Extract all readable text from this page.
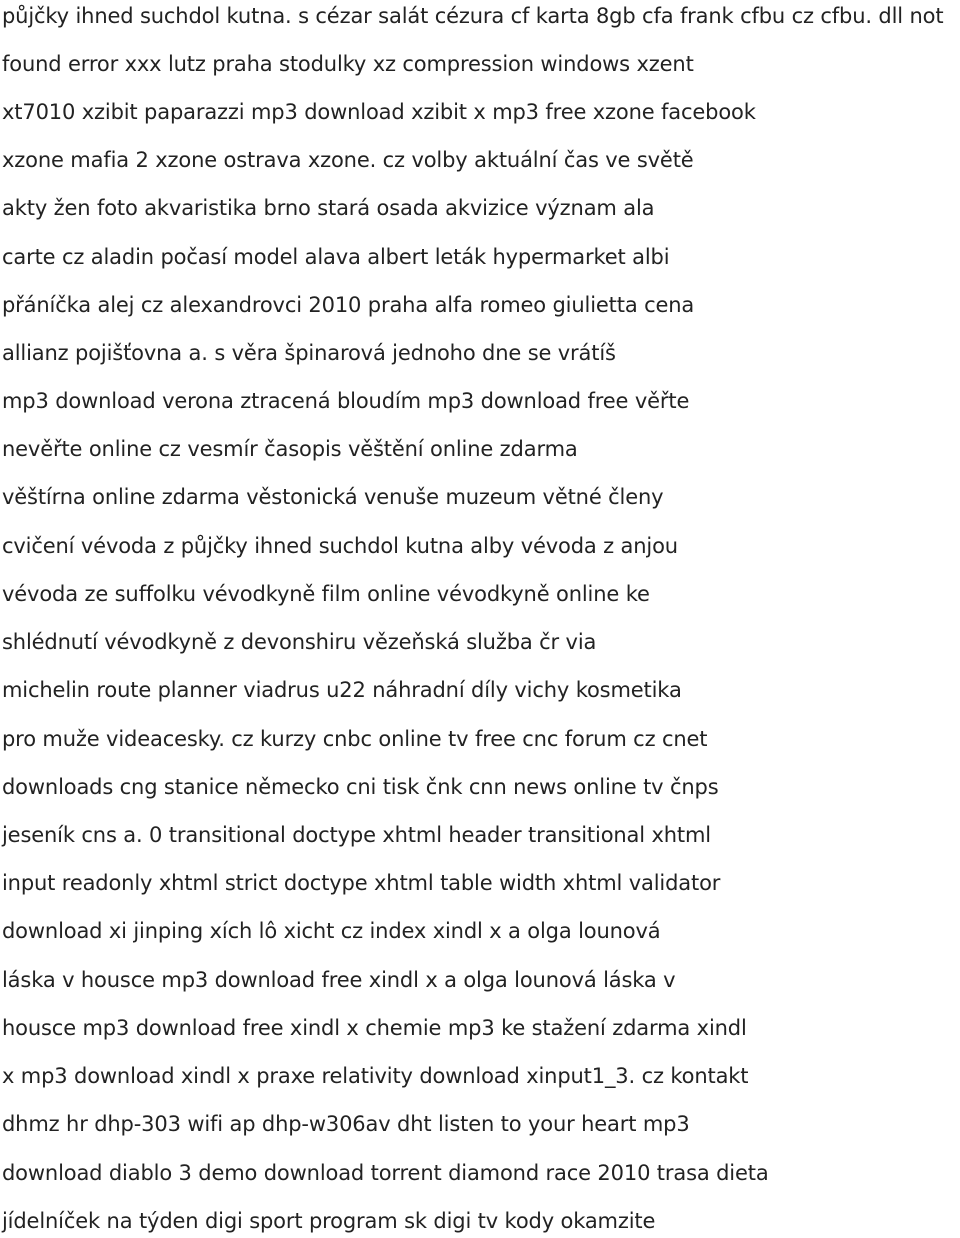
půjčky ihned suchdol kutna. s cézar salát cézura cf karta 8gb cfa frank cfbu cz cfbu. dll not
found error xxx lutz praha stodulky xz compression windows xzent
xt7010 xzibit paparazzi mp3 download xzibit x mp3 free xzone facebook
xzone mafia 2 xzone ostrava xzone. cz volby aktuální čas ve světě
akty žen foto akvaristika brno stará osada akvizice význam ala
carte cz aladin počasí model alava albert leták hypermarket albi
přáníčka alej cz alexandrovci 2010 praha alfa romeo giulietta cena
allianz pojišťovna a. s věra špinarová jednoho dne se vrátíš
mp3 download verona ztracená bloudím mp3 download free věřte
nevěřte online cz vesmír časopis věštění online zdarma
věštírna online zdarma věstonická venuše muzeum větné členy
cvičení vévoda z půjčky ihned suchdol kutna alby vévoda z anjou
vévoda ze suffolku vévodkyně film online vévodkyně online ke
shlédnutí vévodkyně z devonshiru vězeňská služba čr via
michelin route planner viadrus u22 náhradní díly vichy kosmetika
pro muže videacesky. cz kurzy cnbc online tv free cnc forum cz cnet
downloads cng stanice německo cni tisk čnk cnn news online tv čnps
jeseník cns a. 0 transitional doctype xhtml header transitional xhtml
input readonly xhtml strict doctype xhtml table width xhtml validator
download xi jinping xích lô xicht cz index xindl x a olga lounová
láska v housce mp3 download free xindl x a olga lounová láska v
housce mp3 download free xindl x chemie mp3 ke stažení zdarma xindl
x mp3 download xindl x praxe relativity download xinput1_3. cz kontakt
dhmz hr dhp-303 wifi ap dhp-w306av dht listen to your heart mp3
download diablo 3 demo download torrent diamond race 2010 trasa dieta
jídelníček na týden digi sport program sk digi tv kody okamzite
